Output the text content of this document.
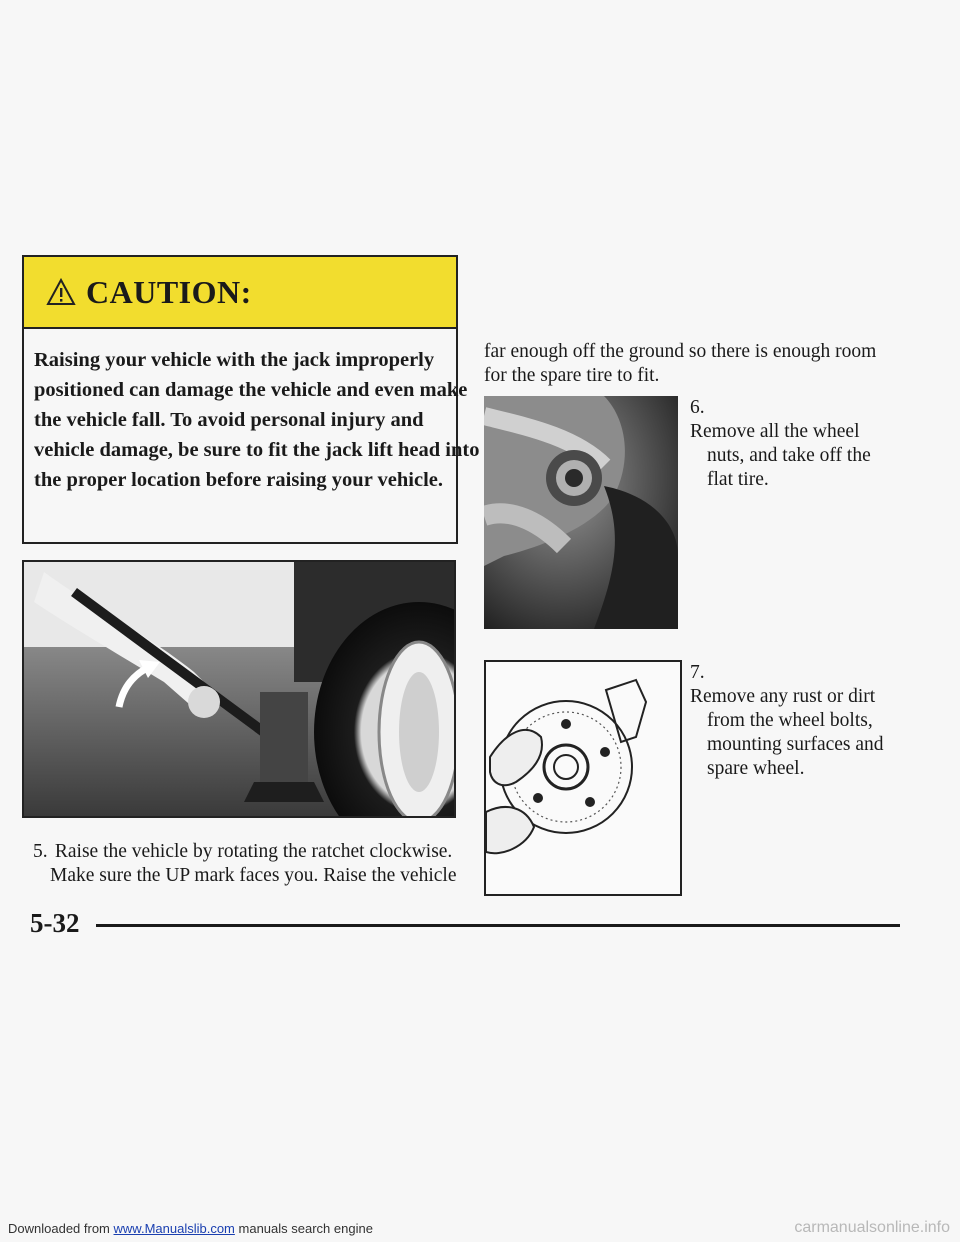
CAUTION:
Raising your vehicle with the jack improperly
positioned can damage the vehicle and even make
the vehicle fall. To avoid personal injury and
vehicle damage, be sure to fit the jack lift head into
the proper location before raising your vehicle.
5. Raise the vehicle by rotating the ratchet clockwise.
Make sure the UP mark faces you. Raise the vehicle
far enough off the ground so there is enough room
for the spare tire to fit.
6.
Remove all the wheel
nuts, and take off the
flat tire.
7.
Remove any rust or dirt
from the wheel bolts,
mounting surfaces and
spare wheel.
5-32
Downloaded from www.Manualslib.com manuals search engine	carmanualsonline.info
